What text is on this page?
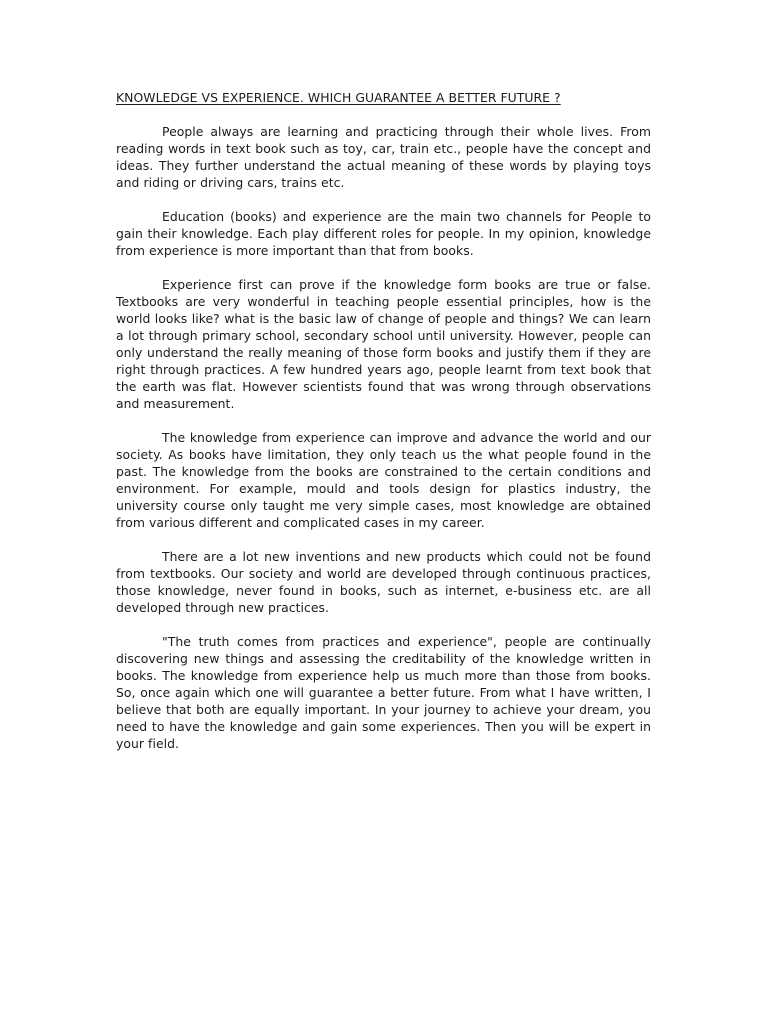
KNOWLEDGE VS EXPERIENCE. WHICH GUARANTEE A BETTER FUTURE ?

People always are learning and practicing through their whole lives. From reading words in text book such as toy, car, train etc., people have the concept and ideas. They further understand the actual meaning of these words by playing toys and riding or driving cars, trains etc.

Education (books) and experience are the main two channels for People to gain their knowledge. Each play different roles for people. In my opinion, knowledge from experience is more important than that from books.

Experience first can prove if the knowledge form books are true or false. Textbooks are very wonderful in teaching people essential principles, how is the world looks like? what is the basic law of change of people and things? We can learn a lot through primary school, secondary school until university. However, people can only understand the really meaning of those form books and justify them if they are right through practices. A few hundred years ago, people learnt from text book that the earth was flat. However scientists found that was wrong through observations and measurement.

The knowledge from experience can improve and advance the world and our society. As books have limitation, they only teach us the what people found in the past. The knowledge from the books are constrained to the certain conditions and environment. For example, mould and tools design for plastics industry, the university course only taught me very simple cases, most knowledge are obtained from various different and complicated cases in my career.

There are a lot new inventions and new products which could not be found from textbooks. Our society and world are developed through continuous practices, those knowledge, never found in books, such as internet, e-business etc. are all developed through new practices.

"The truth comes from practices and experience", people are continually discovering new things and assessing the creditability of the knowledge written in books. The knowledge from experience help us much more than those from books. So, once again which one will guarantee a better future. From what I have written, I believe that both are equally important. In your journey to achieve your dream, you need to have the knowledge and gain some experiences. Then you will be expert in your field.
